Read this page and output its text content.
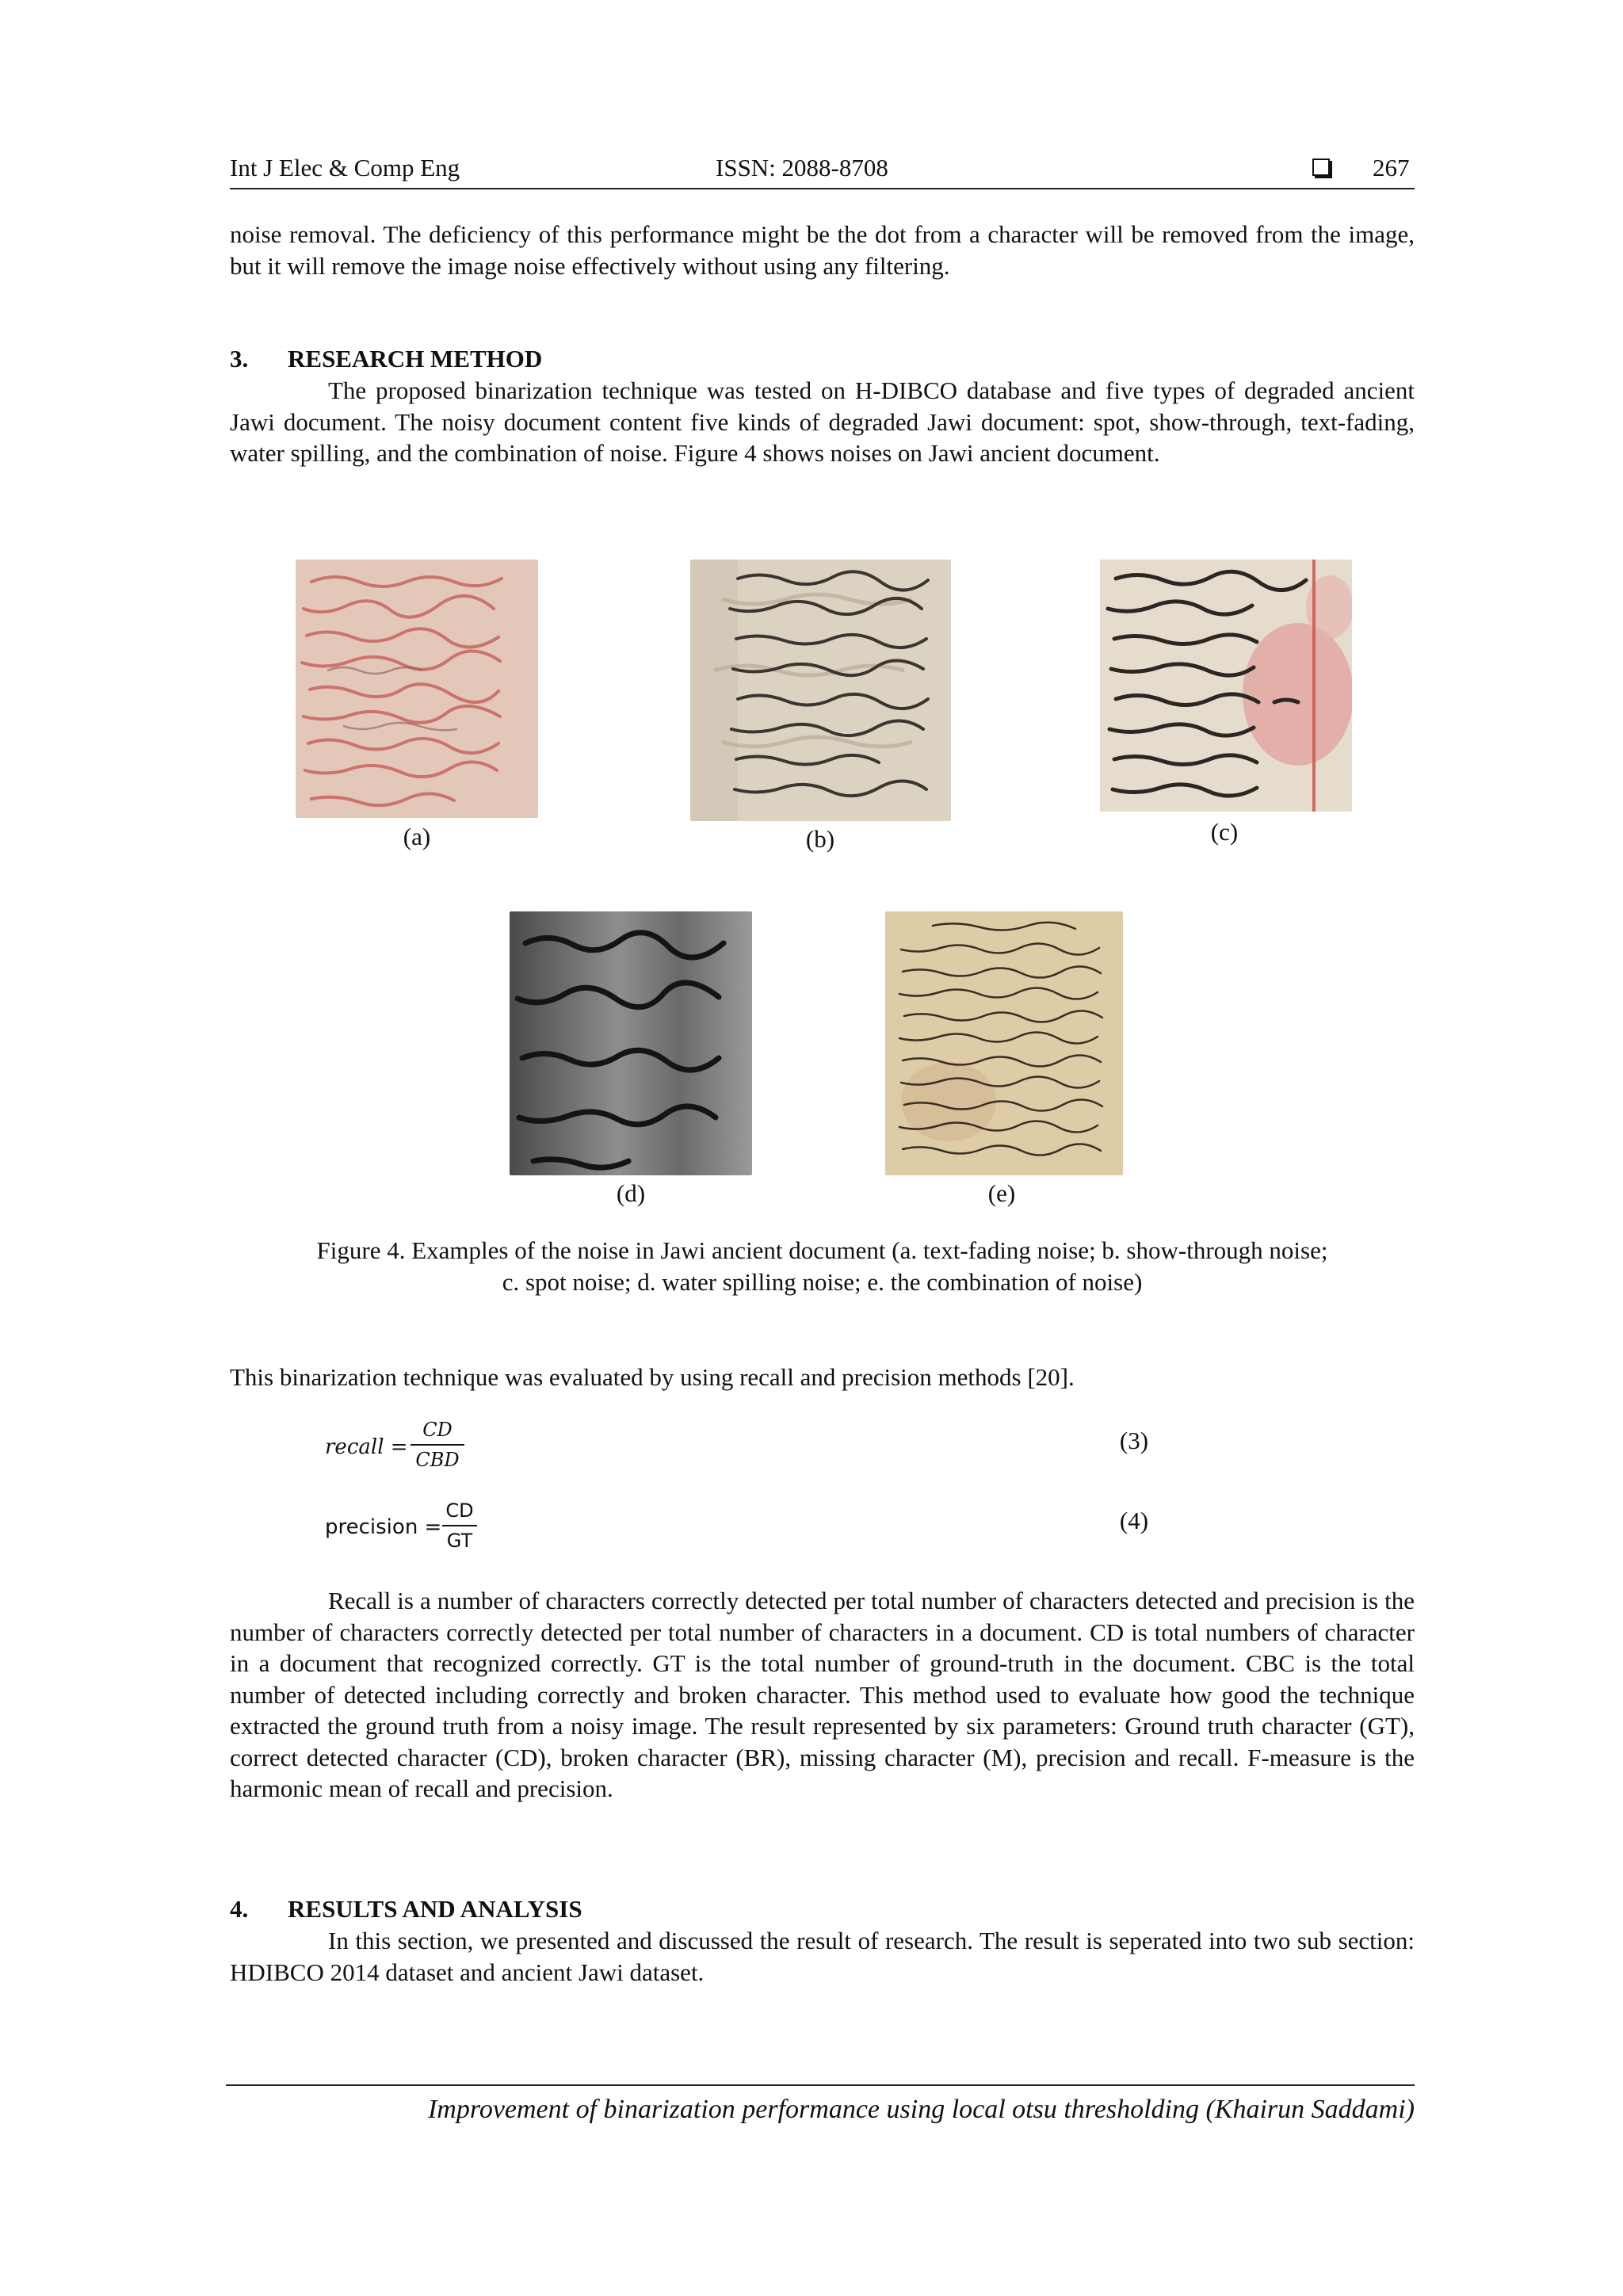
Int J Elec & Comp Eng	ISSN: 2088-8708	267

noise removal. The deficiency of this performance might be the dot from a character will be removed from the image, but it will remove the image noise effectively without using any filtering.

3. RESEARCH METHOD

The proposed binarization technique was tested on H-DIBCO database and five types of degraded ancient Jawi document. The noisy document content five kinds of degraded Jawi document: spot, show-through, text-fading, water spilling, and the combination of noise. Figure 4 shows noises on Jawi ancient document.

(a)	(b)	(c)
(d)	(e)
Figure 4. Examples of the noise in Jawi ancient document (a. text-fading noise; b. show-through noise;
c. spot noise; d. water spilling noise; e. the combination of noise)

This binarization technique was evaluated by using recall and precision methods [20].

recall =
CD
CBD
(3)
precision =
CD
GT
(4)

Recall is a number of characters correctly detected per total number of characters detected and precision is the number of characters correctly detected per total number of characters in a document. CD is total numbers of character in a document that recognized correctly. GT is the total number of ground-truth in the document. CBC is the total number of detected including correctly and broken character. This method used to evaluate how good the technique extracted the ground truth from a noisy image. The result represented by six parameters: Ground truth character (GT), correct detected character (CD), broken character (BR), missing character (M), precision and recall. F-measure is the harmonic mean of recall and precision.

4. RESULTS AND ANALYSIS

In this section, we presented and discussed the result of research. The result is seperated into two sub section: HDIBCO 2014 dataset and ancient Jawi dataset.

Improvement of binarization performance using local otsu thresholding (Khairun Saddami)
